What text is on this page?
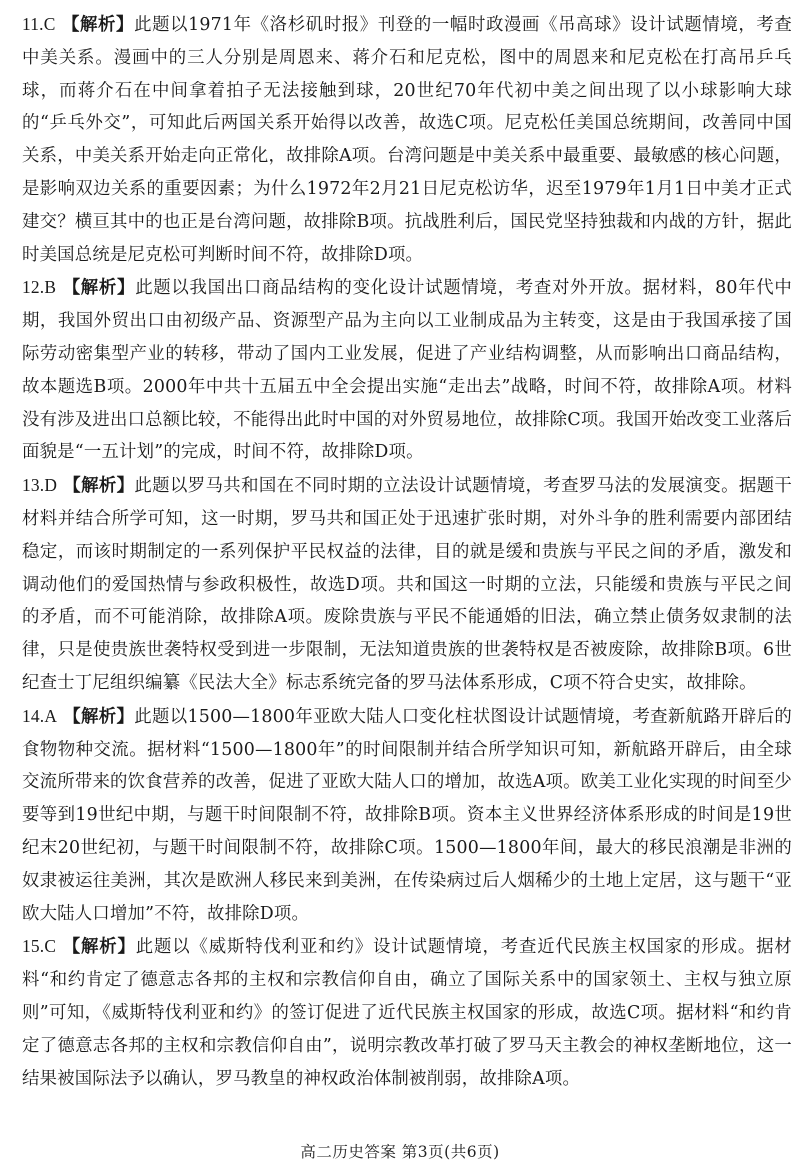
11.C 【解析】此题以1971年《洛杉矶时报》刊登的一幅时政漫画《吊高球》设计试题情境，考查中美关系。漫画中的三人分别是周恩来、蒋介石和尼克松，图中的周恩来和尼克松在打高吊乒乓球，而蒋介石在中间拿着拍子无法接触到球，20世纪70年代初中美之间出现了以小球影响大球的“乒乓外交”，可知此后两国关系开始得以改善，故选C项。尼克松任美国总统期间，改善同中国关系，中美关系开始走向正常化，故排除A项。台湾问题是中美关系中最重要、最敏感的核心问题，是影响双边关系的重要因素；为什么1972年2月21日尼克松访华，迟至1979年1月1日中美才正式建交？横亘其中的也正是台湾问题，故排除B项。抗战胜利后，国民党坚持独裁和内战的方针，据此时美国总统是尼克松可判断时间不符，故排除D项。

12.B 【解析】此题以我国出口商品结构的变化设计试题情境，考查对外开放。据材料，80年代中期，我国外贸出口由初级产品、资源型产品为主向以工业制成品为主转变，这是由于我国承接了国际劳动密集型产业的转移，带动了国内工业发展，促进了产业结构调整，从而影响出口商品结构，故本题选B项。2000年中共十五届五中全会提出实施“走出去”战略，时间不符，故排除A项。材料没有涉及进出口总额比较，不能得出此时中国的对外贸易地位，故排除C项。我国开始改变工业落后面貌是“一五计划”的完成，时间不符，故排除D项。

13.D 【解析】此题以罗马共和国在不同时期的立法设计试题情境，考查罗马法的发展演变。据题干材料并结合所学可知，这一时期，罗马共和国正处于迅速扩张时期，对外斗争的胜利需要内部团结稳定，而该时期制定的一系列保护平民权益的法律，目的就是缓和贵族与平民之间的矛盾，激发和调动他们的爱国热情与参政积极性，故选D项。共和国这一时期的立法，只能缓和贵族与平民之间的矛盾，而不可能消除，故排除A项。废除贵族与平民不能通婚的旧法，确立禁止债务奴隶制的法律，只是使贵族世袭特权受到进一步限制，无法知道贵族的世袭特权是否被废除，故排除B项。6世纪查士丁尼组织编纂《民法大全》标志系统完备的罗马法体系形成，C项不符合史实，故排除。

14.A 【解析】此题以1500—1800年亚欧大陆人口变化柱状图设计试题情境，考查新航路开辟后的食物物种交流。据材料“1500—1800年”的时间限制并结合所学知识可知，新航路开辟后，由全球交流所带来的饮食营养的改善，促进了亚欧大陆人口的增加，故选A项。欧美工业化实现的时间至少要等到19世纪中期，与题干时间限制不符，故排除B项。资本主义世界经济体系形成的时间是19世纪末20世纪初，与题干时间限制不符，故排除C项。1500—1800年间，最大的移民浪潮是非洲的奴隶被运往美洲，其次是欧洲人移民来到美洲，在传染病过后人烟稀少的土地上定居，这与题干“亚欧大陆人口增加”不符，故排除D项。

15.C 【解析】此题以《威斯特伐利亚和约》设计试题情境，考查近代民族主权国家的形成。据材料“和约肯定了德意志各邦的主权和宗教信仰自由，确立了国际关系中的国家领土、主权与独立原则”可知，《威斯特伐利亚和约》的签订促进了近代民族主权国家的形成，故选C项。据材料“和约肯定了德意志各邦的主权和宗教信仰自由”，说明宗教改革打破了罗马天主教会的神权垄断地位，这一结果被国际法予以确认，罗马教皇的神权政治体制被削弱，故排除A项。

高二历史答案 第3页(共6页)
